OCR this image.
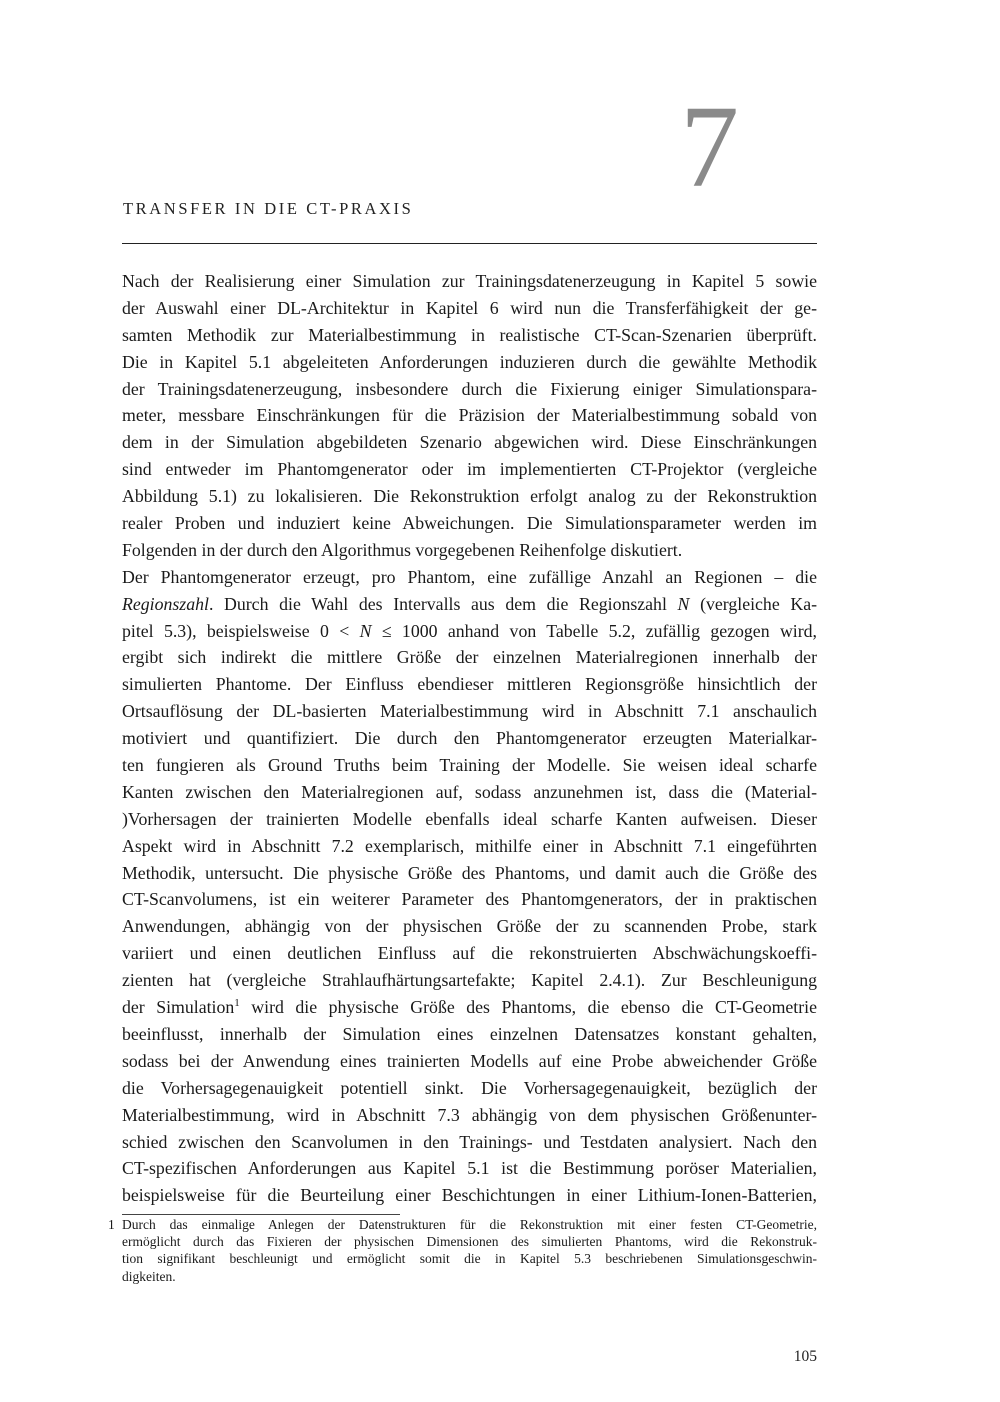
7
TRANSFER IN DIE CT-PRAXIS
Nach der Realisierung einer Simulation zur Trainingsdatenerzeugung in Kapitel 5 sowie
der Auswahl einer DL-Architektur in Kapitel 6 wird nun die Transferfähigkeit der ge-
samten Methodik zur Materialbestimmung in realistische CT-Scan-Szenarien überprüft.
Die in Kapitel 5.1 abgeleiteten Anforderungen induzieren durch die gewählte Methodik
der Trainingsdatenerzeugung, insbesondere durch die Fixierung einiger Simulationspara-
meter, messbare Einschränkungen für die Präzision der Materialbestimmung sobald von
dem in der Simulation abgebildeten Szenario abgewichen wird. Diese Einschränkungen
sind entweder im Phantomgenerator oder im implementierten CT-Projektor (vergleiche
Abbildung 5.1) zu lokalisieren. Die Rekonstruktion erfolgt analog zu der Rekonstruktion
realer Proben und induziert keine Abweichungen. Die Simulationsparameter werden im
Folgenden in der durch den Algorithmus vorgegebenen Reihenfolge diskutiert.
Der Phantomgenerator erzeugt, pro Phantom, eine zufällige Anzahl an Regionen – die
Regionszahl. Durch die Wahl des Intervalls aus dem die Regionszahl N (vergleiche Ka-
pitel 5.3), beispielsweise 0 < N ≤ 1000 anhand von Tabelle 5.2, zufällig gezogen wird,
ergibt sich indirekt die mittlere Größe der einzelnen Materialregionen innerhalb der
simulierten Phantome. Der Einfluss ebendieser mittleren Regionsgröße hinsichtlich der
Ortsauflösung der DL-basierten Materialbestimmung wird in Abschnitt 7.1 anschaulich
motiviert und quantifiziert. Die durch den Phantomgenerator erzeugten Materialkar-
ten fungieren als Ground Truths beim Training der Modelle. Sie weisen ideal scharfe
Kanten zwischen den Materialregionen auf, sodass anzunehmen ist, dass die (Material-
)Vorhersagen der trainierten Modelle ebenfalls ideal scharfe Kanten aufweisen. Dieser
Aspekt wird in Abschnitt 7.2 exemplarisch, mithilfe einer in Abschnitt 7.1 eingeführten
Methodik, untersucht. Die physische Größe des Phantoms, und damit auch die Größe des
CT-Scanvolumens, ist ein weiterer Parameter des Phantomgenerators, der in praktischen
Anwendungen, abhängig von der physischen Größe der zu scannenden Probe, stark
variiert und einen deutlichen Einfluss auf die rekonstruierten Abschwächungskoeffi-
zienten hat (vergleiche Strahlaufhärtungsartefakte; Kapitel 2.4.1). Zur Beschleunigung
der Simulation$^1$ wird die physische Größe des Phantoms, die ebenso die CT-Geometrie
beeinflusst, innerhalb der Simulation eines einzelnen Datensatzes konstant gehalten,
sodass bei der Anwendung eines trainierten Modells auf eine Probe abweichender Größe
die Vorhersagegenauigkeit potentiell sinkt. Die Vorhersagegenauigkeit, bezüglich der
Materialbestimmung, wird in Abschnitt 7.3 abhängig von dem physischen Größenunter-
schied zwischen den Scanvolumen in den Trainings- und Testdaten analysiert. Nach den
CT-spezifischen Anforderungen aus Kapitel 5.1 ist die Bestimmung poröser Materialien,
beispielsweise für die Beurteilung einer Beschichtungen in einer Lithium-Ionen-Batterien,
1 Durch das einmalige Anlegen der Datenstrukturen für die Rekonstruktion mit einer festen CT-Geometrie,
ermöglicht durch das Fixieren der physischen Dimensionen des simulierten Phantoms, wird die Rekonstruk-
tion signifikant beschleunigt und ermöglicht somit die in Kapitel 5.3 beschriebenen Simulationsgeschwin-
digkeiten.
105
